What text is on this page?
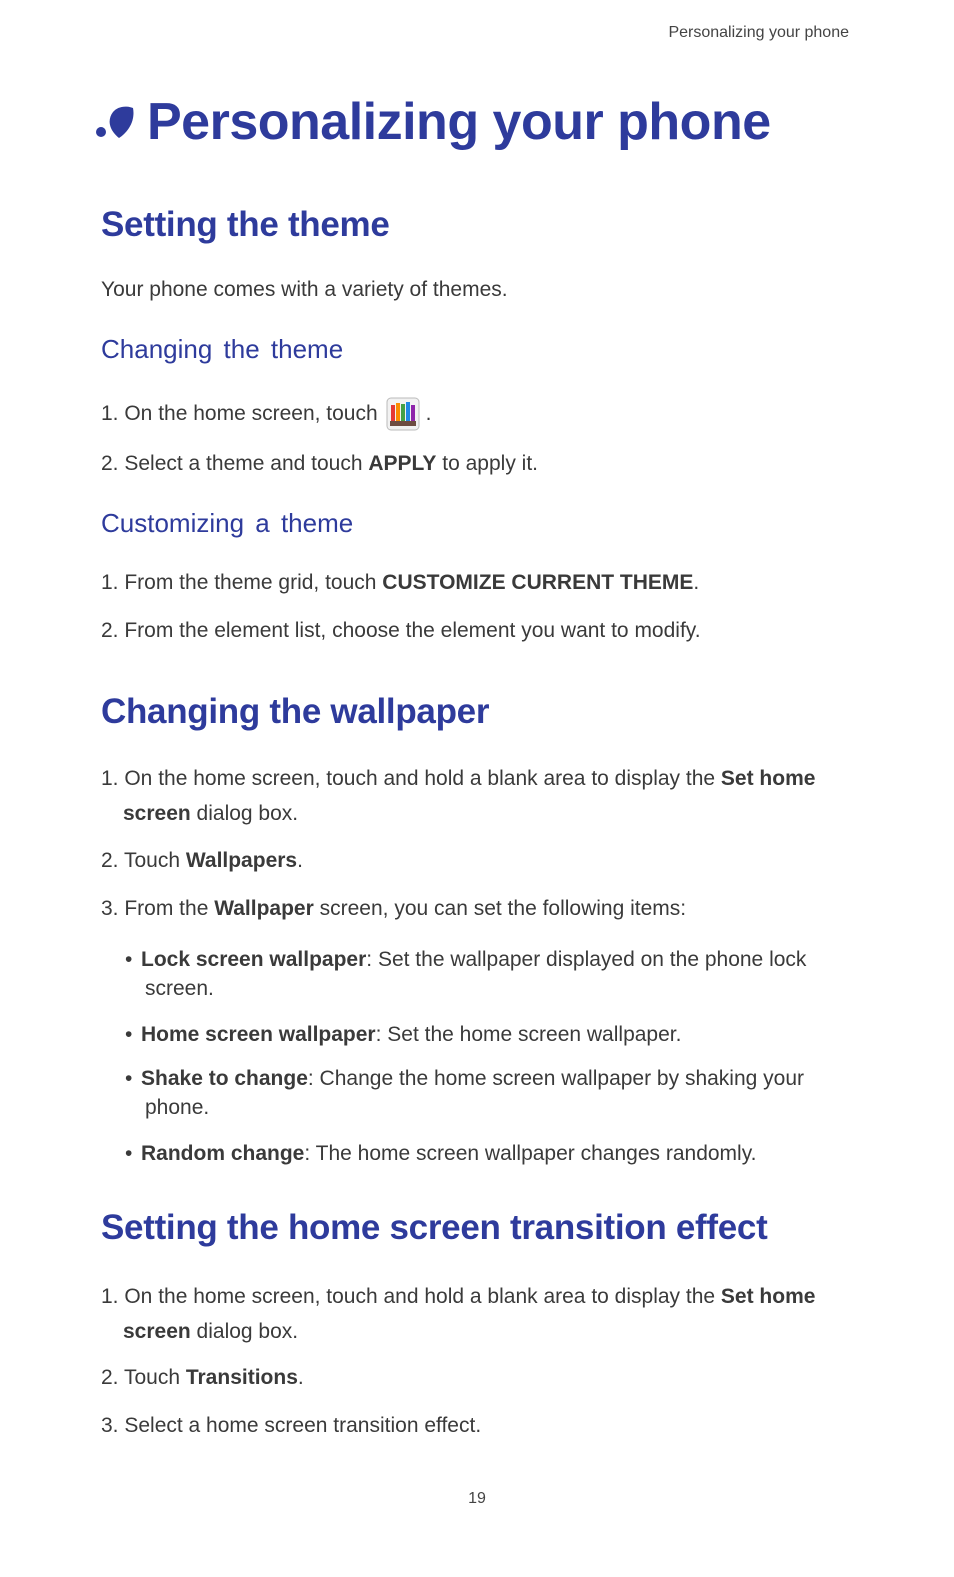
Personalizing your phone
Personalizing your phone
Setting the theme

Your phone comes with a variety of themes.

Changing the theme
1. On the home screen, touch .
2. Select a theme and touch APPLY to apply it.
Customizing a theme
1. From the theme grid, touch CUSTOMIZE CURRENT THEME.
2. From the element list, choose the element you want to modify.
Changing the wallpaper
1. On the home screen, touch and hold a blank area to display the Set home
screen dialog box.
2. Touch Wallpapers.
3. From the Wallpaper screen, you can set the following items:
• Lock screen wallpaper: Set the wallpaper displayed on the phone lock
screen.
• Home screen wallpaper: Set the home screen wallpaper.
• Shake to change: Change the home screen wallpaper by shaking your
phone.
• Random change: The home screen wallpaper changes randomly.
Setting the home screen transition effect
1. On the home screen, touch and hold a blank area to display the Set home
screen dialog box.
2. Touch Transitions.
3. Select a home screen transition effect.
19
